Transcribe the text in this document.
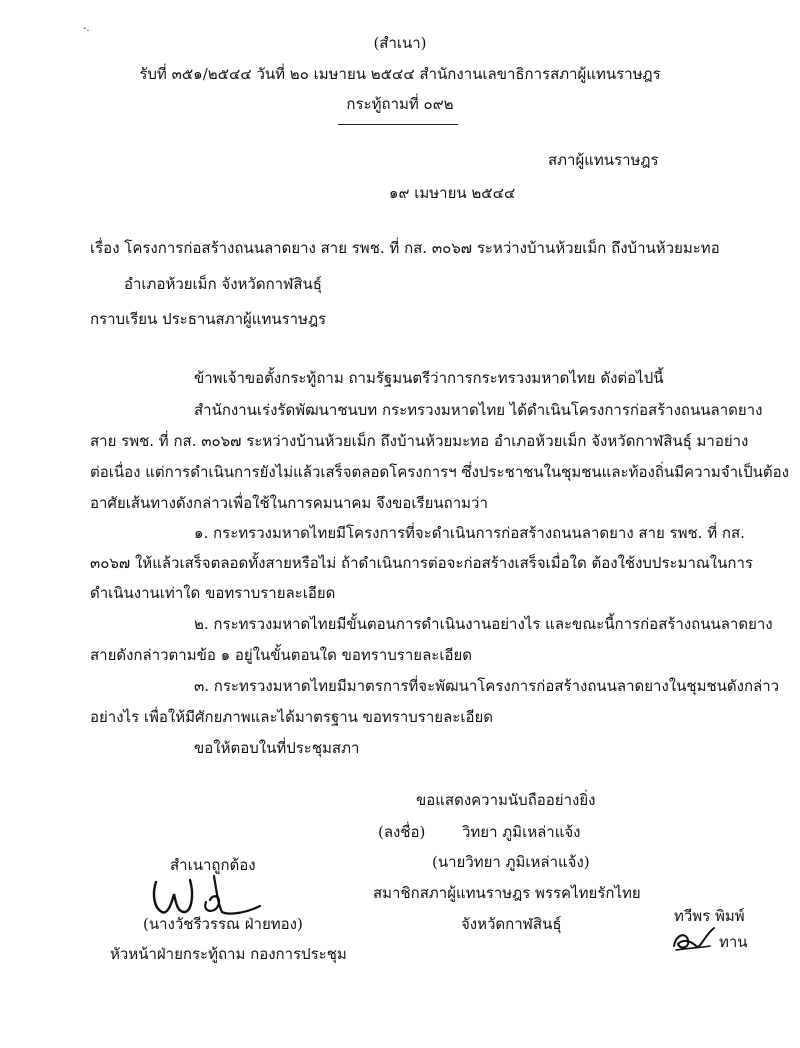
-.
(สำเนา)
รับที่ ๓๕๑/๒๕๔๔ วันที่ ๒๐ เมษายน ๒๕๔๔ สำนักงานเลขาธิการสภาผู้แทนราษฎร
กระทู้ถามที่ ๐๙๒
สภาผู้แทนราษฎร
๑๙ เมษายน ๒๕๔๔
เรื่อง โครงการก่อสร้างถนนลาดยาง สาย รพช. ที่ กส. ๓๐๖๗ ระหว่างบ้านห้วยเม็ก ถึงบ้านห้วยมะทอ
อำเภอห้วยเม็ก จังหวัดกาฬสินธุ์
กราบเรียน ประธานสภาผู้แทนราษฎร
ข้าพเจ้าขอตั้งกระทู้ถาม ถามรัฐมนตรีว่าการกระทรวงมหาดไทย ดังต่อไปนี้
สำนักงานเร่งรัดพัฒนาชนบท กระทรวงมหาดไทย ได้ดำเนินโครงการก่อสร้างถนนลาดยาง
สาย รพช. ที่ กส. ๓๐๖๗ ระหว่างบ้านห้วยเม็ก ถึงบ้านห้วยมะทอ อำเภอห้วยเม็ก จังหวัดกาฬสินธุ์ มาอย่าง
ต่อเนื่อง แต่การดำเนินการยังไม่แล้วเสร็จตลอดโครงการฯ ซึ่งประชาชนในชุมชนและท้องถิ่นมีความจำเป็นต้อง
อาศัยเส้นทางดังกล่าวเพื่อใช้ในการคมนาคม จึงขอเรียนถามว่า
๑. กระทรวงมหาดไทยมีโครงการที่จะดำเนินการก่อสร้างถนนลาดยาง สาย รพช. ที่ กส.
๓๐๖๗ ให้แล้วเสร็จตลอดทั้งสายหรือไม่ ถ้าดำเนินการต่อจะก่อสร้างเสร็จเมื่อใด ต้องใช้งบประมาณในการ
ดำเนินงานเท่าใด ขอทราบรายละเอียด
๒. กระทรวงมหาดไทยมีขั้นตอนการดำเนินงานอย่างไร และขณะนี้การก่อสร้างถนนลาดยาง
สายดังกล่าวตามข้อ ๑ อยู่ในขั้นตอนใด ขอทราบรายละเอียด
๓. กระทรวงมหาดไทยมีมาตรการที่จะพัฒนาโครงการก่อสร้างถนนลาดยางในชุมชนดังกล่าว
อย่างไร เพื่อให้มีศักยภาพและได้มาตรฐาน ขอทราบรายละเอียด
ขอให้ตอบในที่ประชุมสภา
ขอแสดงความนับถืออย่างยิ่ง
(ลงชื่อ) วิทยา ภูมิเหล่าแจ้ง
(นายวิทยา ภูมิเหล่าแจ้ง)
สมาชิกสภาผู้แทนราษฎร พรรคไทยรักไทย
จังหวัดกาฬสินธุ์
สำเนาถูกต้อง
(นางวัชรีวรรณ ฝ่ายทอง)
หัวหน้าฝ่ายกระทู้ถาม กองการประชุม
ทวีพร พิมพ์
ทาน
